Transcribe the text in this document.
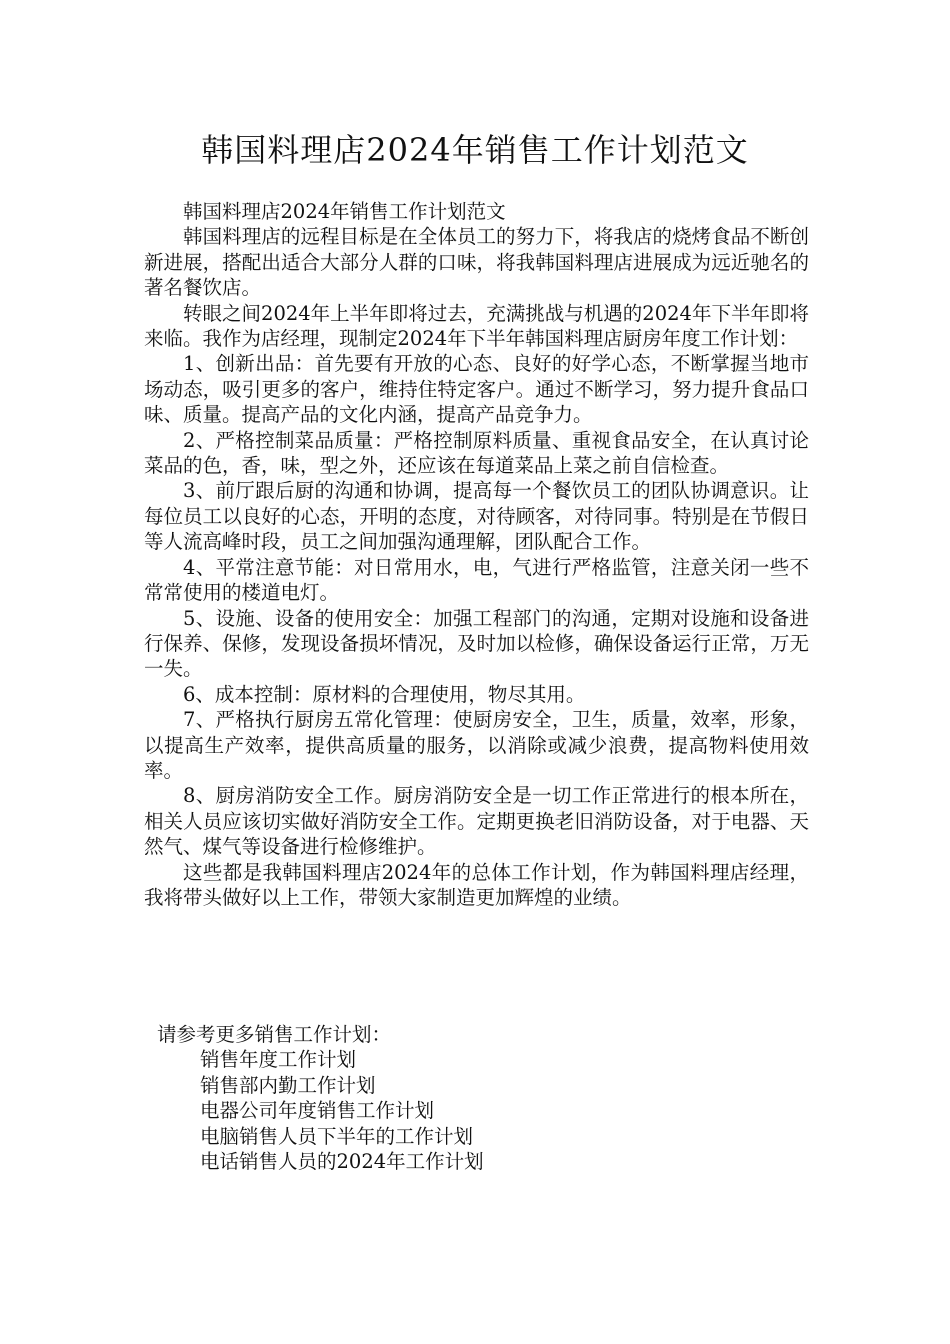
韩国料理店2024年销售工作计划范文

韩国料理店2024年销售工作计划范文

韩国料理店的远程目标是在全体员工的努力下，将我店的烧烤食品不断创新进展，搭配出适合大部分人群的口味，将我韩国料理店进展成为远近驰名的著名餐饮店。

转眼之间2024年上半年即将过去，充满挑战与机遇的2024年下半年即将来临。我作为店经理，现制定2024年下半年韩国料理店厨房年度工作计划：

1、创新出品：首先要有开放的心态、良好的好学心态，不断掌握当地市场动态，吸引更多的客户，维持住特定客户。通过不断学习，努力提升食品口味、质量。提高产品的文化内涵，提高产品竞争力。

2、严格控制菜品质量：严格控制原料质量、重视食品安全，在认真讨论菜品的色，香，味，型之外，还应该在每道菜品上菜之前自信检查。

3、前厅跟后厨的沟通和协调，提高每一个餐饮员工的团队协调意识。让每位员工以良好的心态，开明的态度，对待顾客，对待同事。特别是在节假日等人流高峰时段，员工之间加强沟通理解，团队配合工作。

4、平常注意节能：对日常用水，电，气进行严格监管，注意关闭一些不常常使用的楼道电灯。

5、设施、设备的使用安全：加强工程部门的沟通，定期对设施和设备进行保养、保修，发现设备损坏情况，及时加以检修，确保设备运行正常，万无一失。

6、成本控制：原材料的合理使用，物尽其用。

7、严格执行厨房五常化管理：使厨房安全，卫生，质量，效率，形象，以提高生产效率，提供高质量的服务，以消除或减少浪费，提高物料使用效率。

8、厨房消防安全工作。厨房消防安全是一切工作正常进行的根本所在，相关人员应该切实做好消防安全工作。定期更换老旧消防设备，对于电器、天然气、煤气等设备进行检修维护。

这些都是我韩国料理店2024年的总体工作计划，作为韩国料理店经理，我将带头做好以上工作，带领大家制造更加辉煌的业绩。

请参考更多销售工作计划：
销售年度工作计划
销售部内勤工作计划
电器公司年度销售工作计划
电脑销售人员下半年的工作计划
电话销售人员的2024年工作计划
